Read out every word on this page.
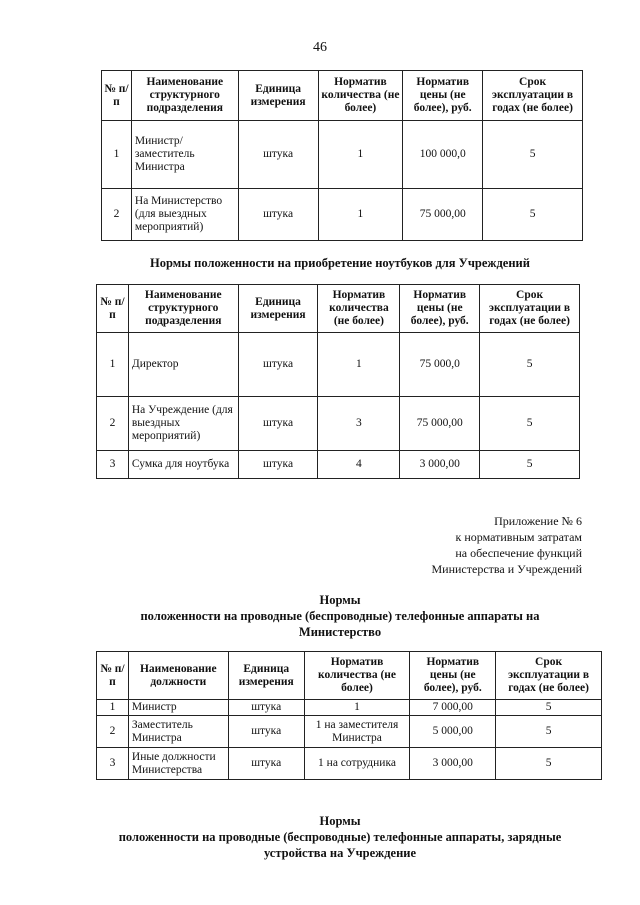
46
№ п/п	Наименование структурного подразделения	Единица измерения	Норматив количества (не более)	Норматив цены (не более), руб.	Срок эксплуатации в годах (не более)
1	Министр/ заместитель Министра	штука	1	100 000,0	5
2	На Министерство (для выездных мероприятий)	штука	1	75 000,00	5
Нормы положенности на приобретение ноутбуков для Учреждений
№ п/п	Наименование структурного подразделения	Единица измерения	Норматив количества (не более)	Норматив цены (не более), руб.	Срок эксплуатации в годах (не более)
1	Директор	штука	1	75 000,0	5
2	На Учреждение (для выездных мероприятий)	штука	3	75 000,00	5
3	Сумка для ноутбука	штука	4	3 000,00	5
Приложение № 6
к нормативным затратам
на обеспечение функций
Министерства и Учреждений
Нормы
положенности на проводные (беспроводные) телефонные аппараты на
Министерство
№ п/п	Наименование должности	Единица измерения	Норматив количества (не более)	Норматив цены (не более), руб.	Срок эксплуатации в годах (не более)
1	Министр	штука	1	7 000,00	5
2	Заместитель Министра	штука	1 на заместителя Министра	5 000,00	5
3	Иные должности Министерства	штука	1 на сотрудника	3 000,00	5
Нормы
положенности на проводные (беспроводные) телефонные аппараты, зарядные
устройства на Учреждение
